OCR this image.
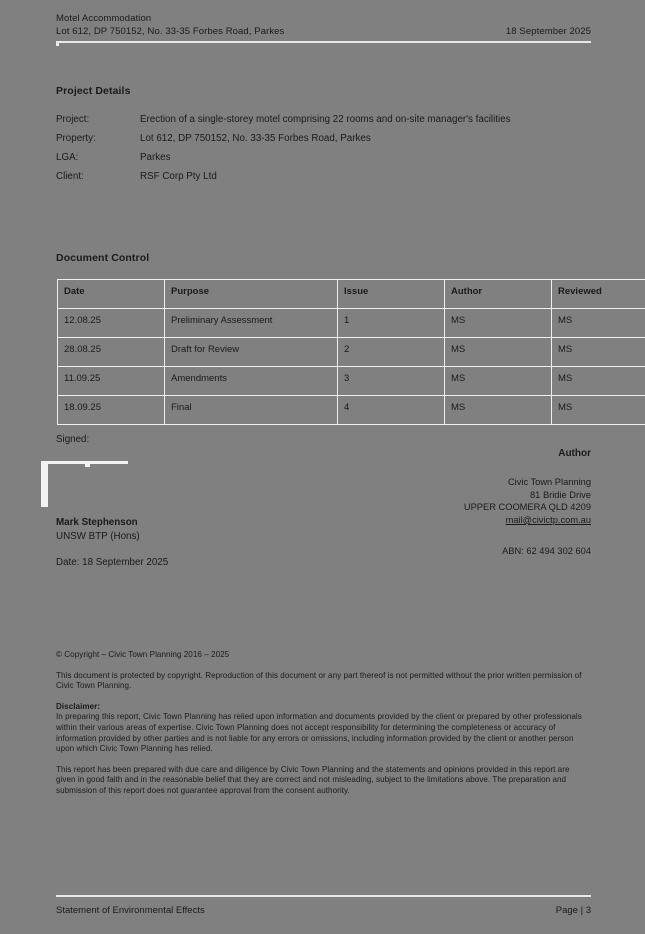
Motel Accommodation
Lot 612, DP 750152, No. 33-35 Forbes Road, Parkes	18 September 2025
Project Details
Project:	Erection of a single-storey motel comprising 22 rooms and on-site manager's facilities
Property:	Lot 612, DP 750152, No. 33-35 Forbes Road, Parkes
LGA:	Parkes
Client:	RSF Corp Pty Ltd
Document Control
Date	Purpose	Issue	Author	Reviewed
12.08.25	Preliminary Assessment	1	MS	MS
28.08.25	Draft for Review	2	MS	MS
11.09.25	Amendments	3	MS	MS
18.09.25	Final	4	MS	MS
Signed:
Mark Stephenson
UNSW BTP (Hons)
Date: 18 September 2025
Author
Civic Town Planning
81 Bridie Drive
UPPER COOMERA QLD 4209
mail@civictp.com.au
ABN: 62 494 302 604

© Copyright – Civic Town Planning 2016 – 2025

This document is protected by copyright. Reproduction of this document or any part thereof is not permitted without the prior written permission of Civic Town Planning.

Disclaimer:

In preparing this report, Civic Town Planning has relied upon information and documents provided by the client or prepared by other professionals within their various areas of expertise. Civic Town Planning does not accept responsibility for determining the completeness or accuracy of information provided by other parties and is not liable for any errors or omissions, including information provided by the client or another person upon which Civic Town Planning has relied.

This report has been prepared with due care and diligence by Civic Town Planning and the statements and opinions provided in this report are given in good faith and in the reasonable belief that they are correct and not misleading, subject to the limitations above. The preparation and submission of this report does not guarantee approval from the consent authority.

Statement of Environmental Effects	Page | 3
